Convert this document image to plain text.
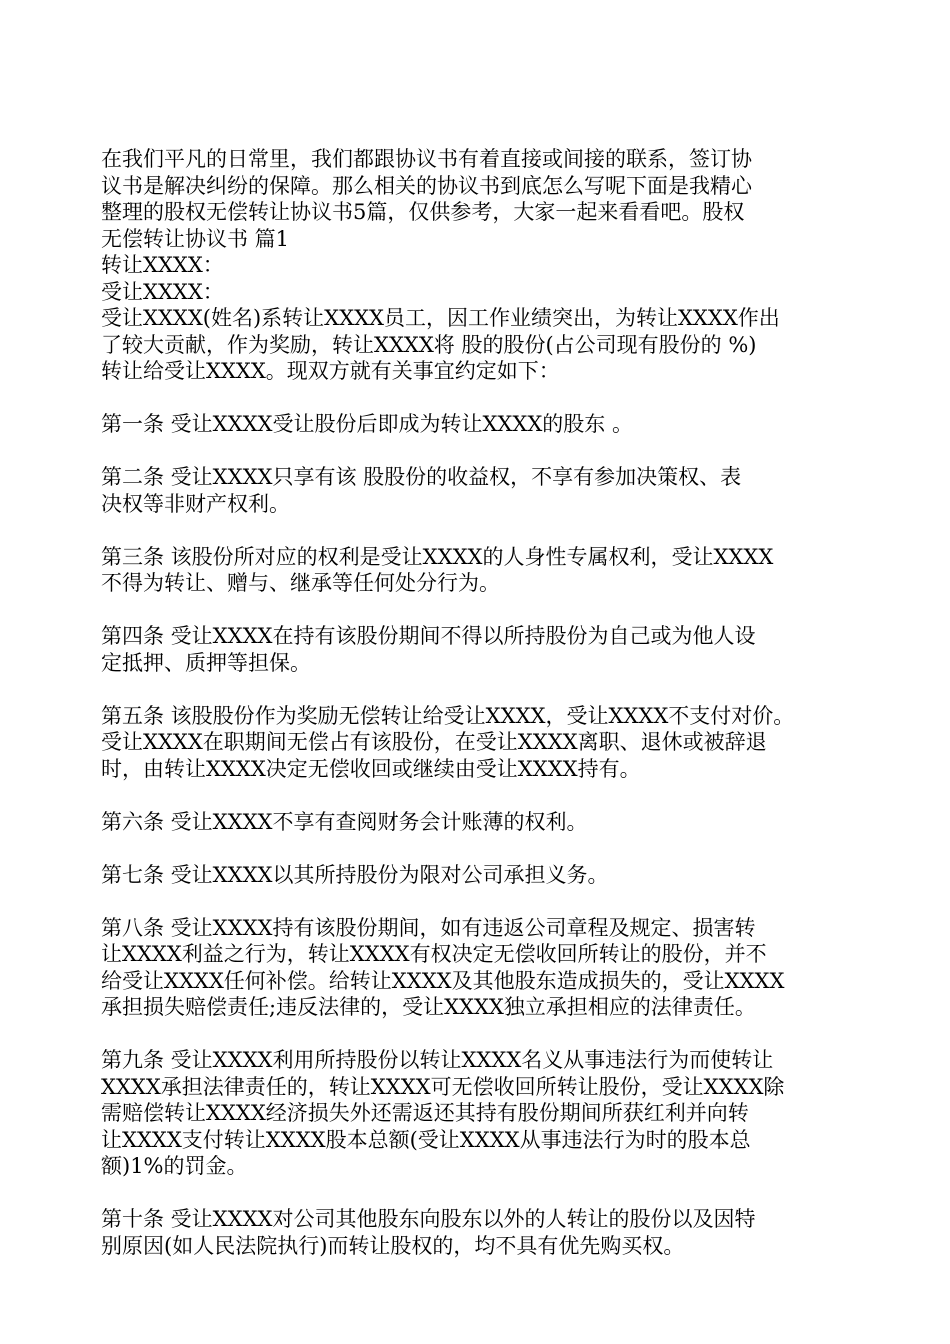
在我们平凡的日常里，我们都跟协议书有着直接或间接的联系，签订协
议书是解决纠纷的保障。那么相关的协议书到底怎么写呢下面是我精心
整理的股权无偿转让协议书5篇，仅供参考，大家一起来看看吧。股权
无偿转让协议书 篇1
转让XXXX：
受让XXXX：
受让XXXX(姓名)系转让XXXX员工，因工作业绩突出，为转让XXXX作出
了较大贡献，作为奖励，转让XXXX将 股的股份(占公司现有股份的 %)
转让给受让XXXX。现双方就有关事宜约定如下：
第一条 受让XXXX受让股份后即成为转让XXXX的股东 。
第二条 受让XXXX只享有该 股股份的收益权，不享有参加决策权、表
决权等非财产权利。
第三条 该股份所对应的权利是受让XXXX的人身性专属权利，受让XXXX
不得为转让、赠与、继承等任何处分行为。
第四条 受让XXXX在持有该股份期间不得以所持股份为自己或为他人设
定抵押、质押等担保。
第五条 该股股份作为奖励无偿转让给受让XXXX，受让XXXX不支付对价。
受让XXXX在职期间无偿占有该股份，在受让XXXX离职、退休或被辞退
时，由转让XXXX决定无偿收回或继续由受让XXXX持有。
第六条 受让XXXX不享有查阅财务会计账薄的权利。
第七条 受让XXXX以其所持股份为限对公司承担义务。
第八条 受让XXXX持有该股份期间，如有违返公司章程及规定、损害转
让XXXX利益之行为，转让XXXX有权决定无偿收回所转让的股份，并不
给受让XXXX任何补偿。给转让XXXX及其他股东造成损失的，受让XXXX
承担损失赔偿责任;违反法律的，受让XXXX独立承担相应的法律责任。
第九条 受让XXXX利用所持股份以转让XXXX名义从事违法行为而使转让
XXXX承担法律责任的，转让XXXX可无偿收回所转让股份，受让XXXX除
需赔偿转让XXXX经济损失外还需返还其持有股份期间所获红利并向转
让XXXX支付转让XXXX股本总额(受让XXXX从事违法行为时的股本总
额)1%的罚金。
第十条 受让XXXX对公司其他股东向股东以外的人转让的股份以及因特
别原因(如人民法院执行)而转让股权的，均不具有优先购买权。
